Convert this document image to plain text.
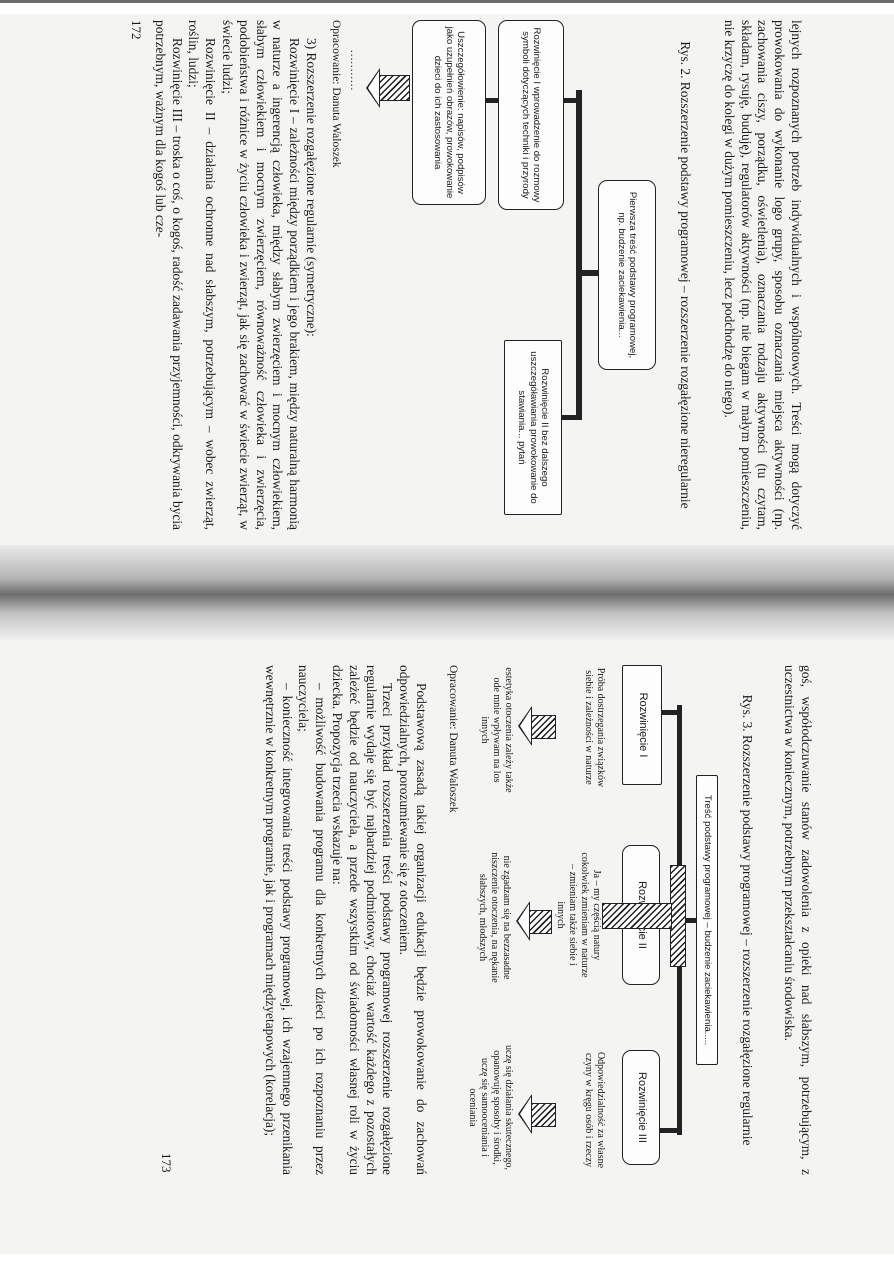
lejnych rozpoznanych potrzeb indywidualnych i wspólnotowych. Treści mogą dotyczyć prowokowania do wykonanie logo grupy, sposobu oznaczania miejsca aktywności (np. zachowania ciszy, porządku, oświetlenia), oznaczania rodzaju aktywności (tu czytam, składam, rysuję, buduję), regulatorów aktywności (np. nie biegam w małym pomieszczeniu, nie krzyczę do kolegi w dużym pomieszczeniu, lecz podchodzę do niego).

Rys. 2. Rozszerzenie podstawy programowej – rozszerzenie rozgałęzione nieregularnie
Pierwsza treść podstawy programowej, np. budzenie zaciekawienia...
Rozwinięcie I wprowadzenie do rozmowy symboli dotyczących techniki i przyrody
Rozwinięcie II bez dalszego uszczegóławiania prowokowanie do stawiania... pytań
Uszczegółowienie: napisów, podpisów jako uzupełnień obrazów, prowokowanie dzieci do ich zastosowania
...........
Opracowanie: Danuta Waloszek

3) Rozszerzenie rozgałęzione regularnie (symetryczne):

Rozwinięcie I – zależności między porządkiem i jego brakiem, między naturalną harmonią w naturze a ingerencją człowieka, między słabym zwierzęciem i mocnym człowiekiem, słabym człowiekiem i mocnym zwierzęciem, równoważność człowieka i zwierzęcia, podobieństwa i różnice w życiu człowieka i zwierząt, jak się zachować w świecie zwierząt, w świecie ludzi;

Rozwinięcie II – działania ochronne nad słabszym, potrzebującym – wobec zwierząt, roślin, ludzi;

Rozwinięcie III – troska o coś, o kogoś, radość zadawania przyjemności, odkrywania bycia potrzebnym, ważnym dla kogoś lub cze-

172

goś, współodczuwanie stanów zadowolenia z opieki nad słabszym, potrzebującym, z uczestnictwa w koniecznym, potrzebnym przekształcaniu środowiska.

Rys. 3. Rozszerzenie podstawy programowej – rozszerzenie rozgałęzione regularnie
Treść podstawy programowej – budzenie zaciekawienia.....
Rozwinięcie I
Rozwinięcie III
Próba dostrzegania związków siebie i zależności w naturze
Ja – my częścią natury cokolwiek zmieniam w naturze – zmieniam także siebie i innych
Odpowiedzialność za własne czyny w kręgu osób i rzeczy
estetyka otoczenia zależy także ode mnie wpływam na los innych
nie zgadzam się na bezzasadne niszczenie otoczenia, na nękanie słabszych, młodszych
uczę się działania skutecznego, opanowuję sposoby i środki, uczę się samooceniania i oceniania
Opracowanie: Danuta Waloszek

Podstawową zasadą takiej organizacji edukacji będzie prowokowanie do zachowań odpowiedzialnych, porozumiewanie się z otoczeniem.

Trzeci przykład rozszerzenia treści podstawy programowej rozszerzenie rozgałęzione regularnie wydaje się być najbardziej podmiotowy, chociaż wartość każdego z pozostałych zależeć będzie od nauczyciela, a przede wszystkim od świadomości własnej roli w życiu dziecka. Propozycja trzecia wskazuje na:

– możliwość budowania programu dla konkretnych dzieci po ich rozpoznaniu przez nauczyciela;

– konieczność integrowania treści podstawy programowej, ich wzajemnego przenikania wewnętrznie w konkretnym programie, jak i programach międzyetapowych (korelacja);

173
